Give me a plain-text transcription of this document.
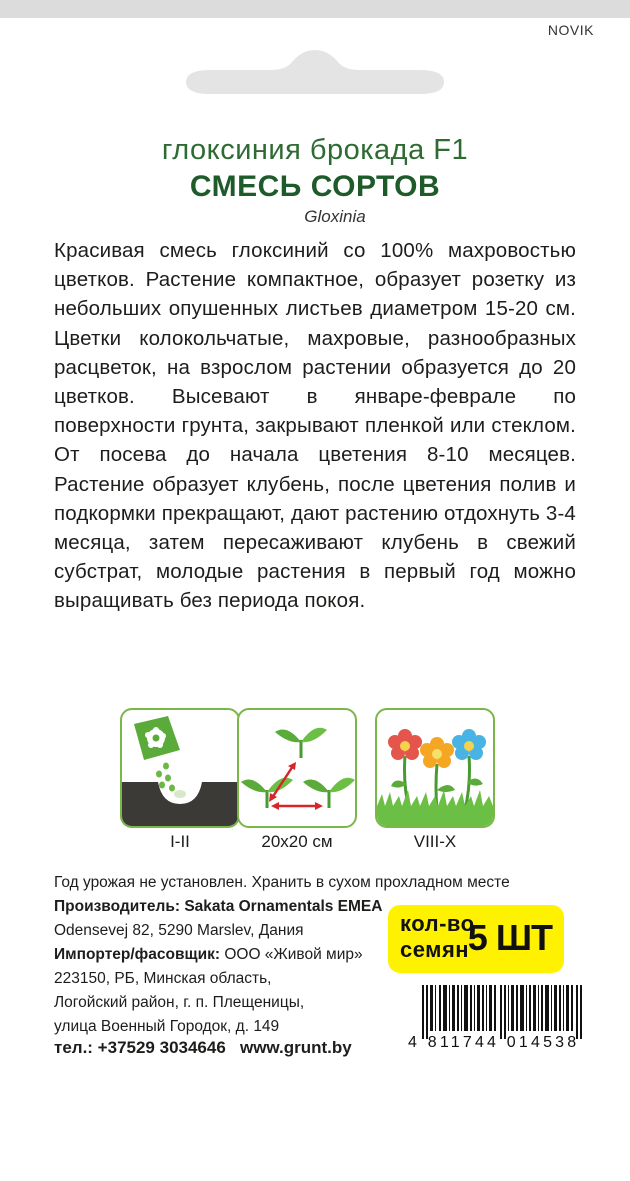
NOVIK
глоксиния брокада F1
СМЕСЬ СОРТОВ
Gloxinia
Красивая смесь глоксиний со 100% махровостью цветков. Растение компактное, образует розетку из небольших опушенных листьев диаметром 15-20 см. Цветки колокольчатые, махровые, разнообразных расцветок, на взрослом растении образуется до 20 цветков. Высевают в январе-феврале по поверхности грунта, закрывают пленкой или стеклом. От посева до начала цветения 8-10 месяцев. Растение образует клубень, после цветения полив и подкормки прекращают, дают растению отдохнуть 3-4 месяца, затем пересаживают клубень в свежий субстрат, молодые растения в первый год можно выращивать без периода покоя.
I-II	20x20 см	VIII-X
Год урожая не установлен. Хранить в сухом прохладном месте
Производитель: Sakata Ornamentals EMEA
Odensevej 82, 5290 Marslev, Дания
Импортер/фасовщик: ООО «Живой мир»
223150, РБ, Минская область,
Логойский район, г. п. Плещеницы,
улица Военный Городок, д. 149
тел.: +37529 3034646 www.grunt.by
кол-во
семян
5 ШТ
4 811744 014538
